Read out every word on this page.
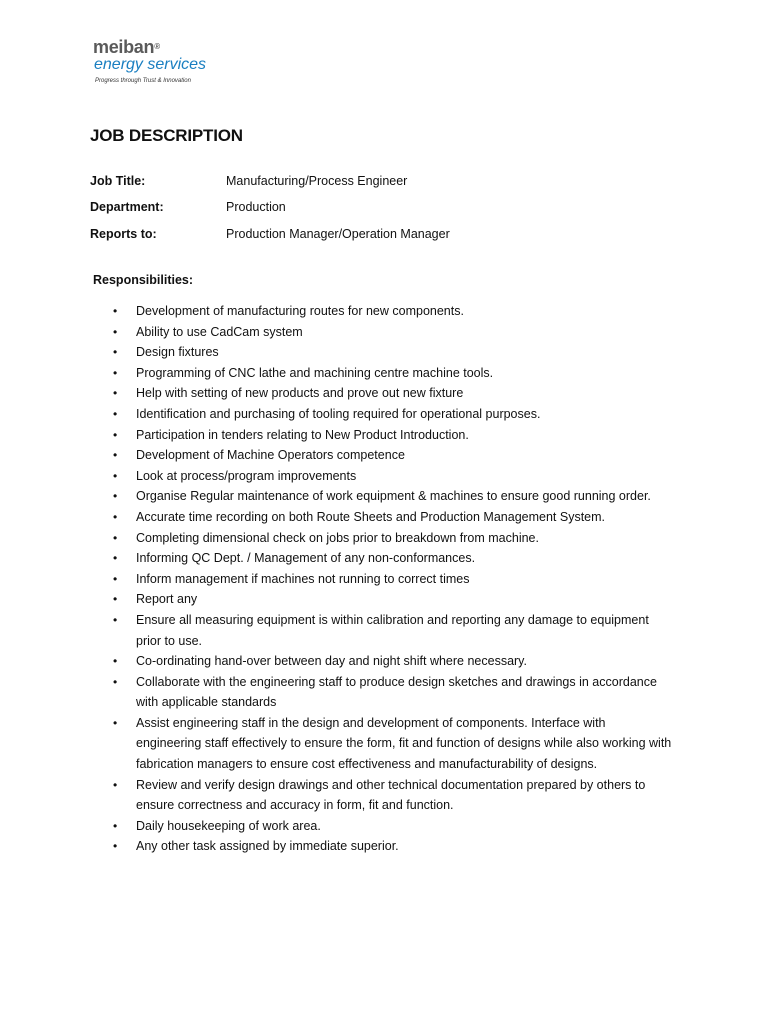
meiban®
energy services
Progress through Trust & Innovation
JOB DESCRIPTION
Job Title:	Manufacturing/Process Engineer
Department:	Production
Reports to:	Production Manager/Operation Manager
Responsibilities:
• Development of manufacturing routes for new components.
• Ability to use CadCam system
• Design fixtures
• Programming of CNC lathe and machining centre machine tools.
• Help with setting of new products and prove out new fixture
• Identification and purchasing of tooling required for operational purposes.
• Participation in tenders relating to New Product Introduction.
• Development of Machine Operators competence
• Look at process/program improvements
• Organise Regular maintenance of work equipment & machines to ensure good running order.
• Accurate time recording on both Route Sheets and Production Management System.
• Completing dimensional check on jobs prior to breakdown from machine.
• Informing QC Dept. / Management of any non-conformances.
• Inform management if machines not running to correct times
• Report any
• Ensure all measuring equipment is within calibration and reporting any damage to equipment prior to use.
• Co-ordinating hand-over between day and night shift where necessary.
• Collaborate with the engineering staff to produce design sketches and drawings in accordance with applicable standards
• Assist engineering staff in the design and development of components. Interface with engineering staff effectively to ensure the form, fit and function of designs while also working with fabrication managers to ensure cost effectiveness and manufacturability of designs.
• Review and verify design drawings and other technical documentation prepared by others to ensure correctness and accuracy in form, fit and function.
• Daily housekeeping of work area.
• Any other task assigned by immediate superior.
